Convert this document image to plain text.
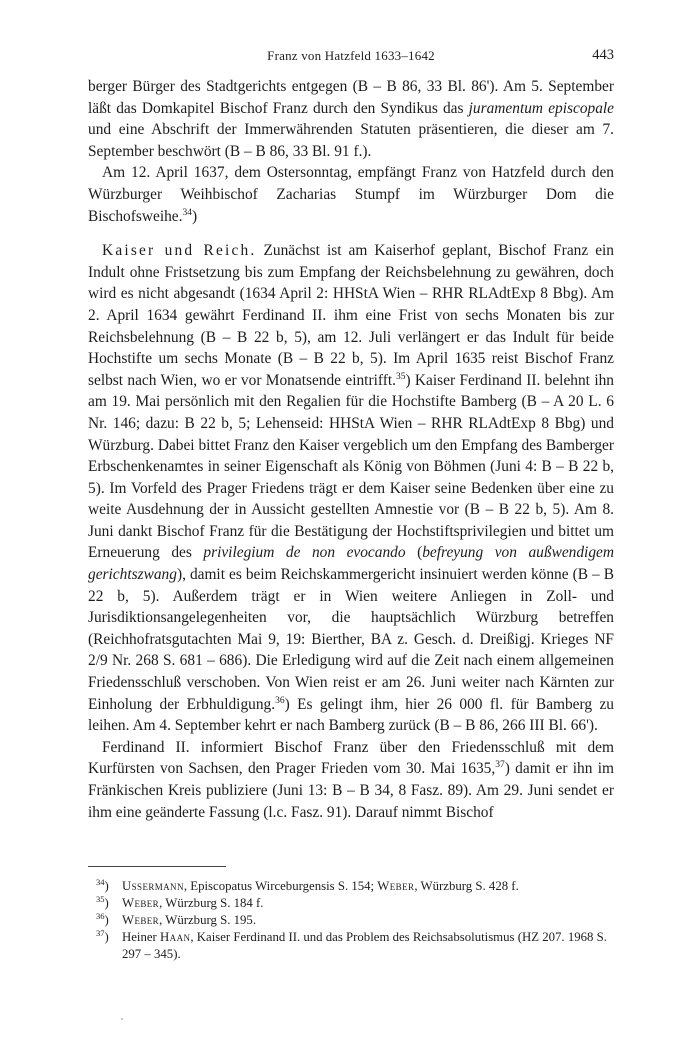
Franz von Hatzfeld 1633–1642	443

berger Bürger des Stadtgerichts entgegen (B – B 86, 33 Bl. 86'). Am 5. September läßt das Domkapitel Bischof Franz durch den Syndikus das juramentum episcopale und eine Abschrift der Immerwährenden Statuten präsentieren, die dieser am 7. September beschwört (B – B 86, 33 Bl. 91 f.).

Am 12. April 1637, dem Ostersonntag, empfängt Franz von Hatzfeld durch den Würzburger Weihbischof Zacharias Stumpf im Würzburger Dom die Bischofsweihe.$^{34}$)

Kaiser und Reich. Zunächst ist am Kaiserhof geplant, Bischof Franz ein Indult ohne Fristsetzung bis zum Empfang der Reichsbelehnung zu gewähren, doch wird es nicht abgesandt (1634 April 2: HHStA Wien – RHR RLAdtExp 8 Bbg). Am 2. April 1634 gewährt Ferdinand II. ihm eine Frist von sechs Monaten bis zur Reichsbelehnung (B – B 22 b, 5), am 12. Juli verlängert er das Indult für beide Hochstifte um sechs Monate (B – B 22 b, 5). Im April 1635 reist Bischof Franz selbst nach Wien, wo er vor Monatsende eintrifft.$^{35}$) Kaiser Ferdinand II. belehnt ihn am 19. Mai persönlich mit den Regalien für die Hochstifte Bamberg (B – A 20 L. 6 Nr. 146; dazu: B 22 b, 5; Lehenseid: HHStA Wien – RHR RLAdtExp 8 Bbg) und Würzburg. Dabei bittet Franz den Kaiser vergeblich um den Empfang des Bamberger Erbschenkenamtes in seiner Eigenschaft als König von Böhmen (Juni 4: B – B 22 b, 5). Im Vorfeld des Prager Friedens trägt er dem Kaiser seine Bedenken über eine zu weite Ausdehnung der in Aussicht gestellten Amnestie vor (B – B 22 b, 5). Am 8. Juni dankt Bischof Franz für die Bestätigung der Hochstiftsprivilegien und bittet um Erneuerung des privilegium de non evocando (befreyung von außwendigem gerichtszwang), damit es beim Reichskammergericht insinuiert werden könne (B – B 22 b, 5). Außerdem trägt er in Wien weitere Anliegen in Zoll- und Jurisdiktionsangelegenheiten vor, die hauptsächlich Würzburg betreffen (Reichhofratsgutachten Mai 9, 19: Bierther, BA z. Gesch. d. Dreißigj. Krieges NF 2/9 Nr. 268 S. 681 – 686). Die Erledigung wird auf die Zeit nach einem allgemeinen Friedensschluß verschoben. Von Wien reist er am 26. Juni weiter nach Kärnten zur Einholung der Erbhuldigung.$^{36}$) Es gelingt ihm, hier 26 000 fl. für Bamberg zu leihen. Am 4. September kehrt er nach Bamberg zurück (B – B 86, 266 III Bl. 66').

Ferdinand II. informiert Bischof Franz über den Friedensschluß mit dem Kurfürsten von Sachsen, den Prager Frieden vom 30. Mai 1635,37) damit er ihn im Fränkischen Kreis publiziere (Juni 13: B – B 34, 8 Fasz. 89). Am 29. Juni sendet er ihm eine geänderte Fassung (l.c. Fasz. 91). Darauf nimmt Bischof

$^{34}$) Ussermann, Episcopatus Wirceburgensis S. 154; Weber, Würzburg S. 428 f.
$^{35}$) Weber, Würzburg S. 184 f.
$^{36}$) Weber, Würzburg S. 195.
$^{37}$) Heiner Haan, Kaiser Ferdinand II. und das Problem des Reichsabsolutismus (HZ 207. 1968 S. 297 – 345).
